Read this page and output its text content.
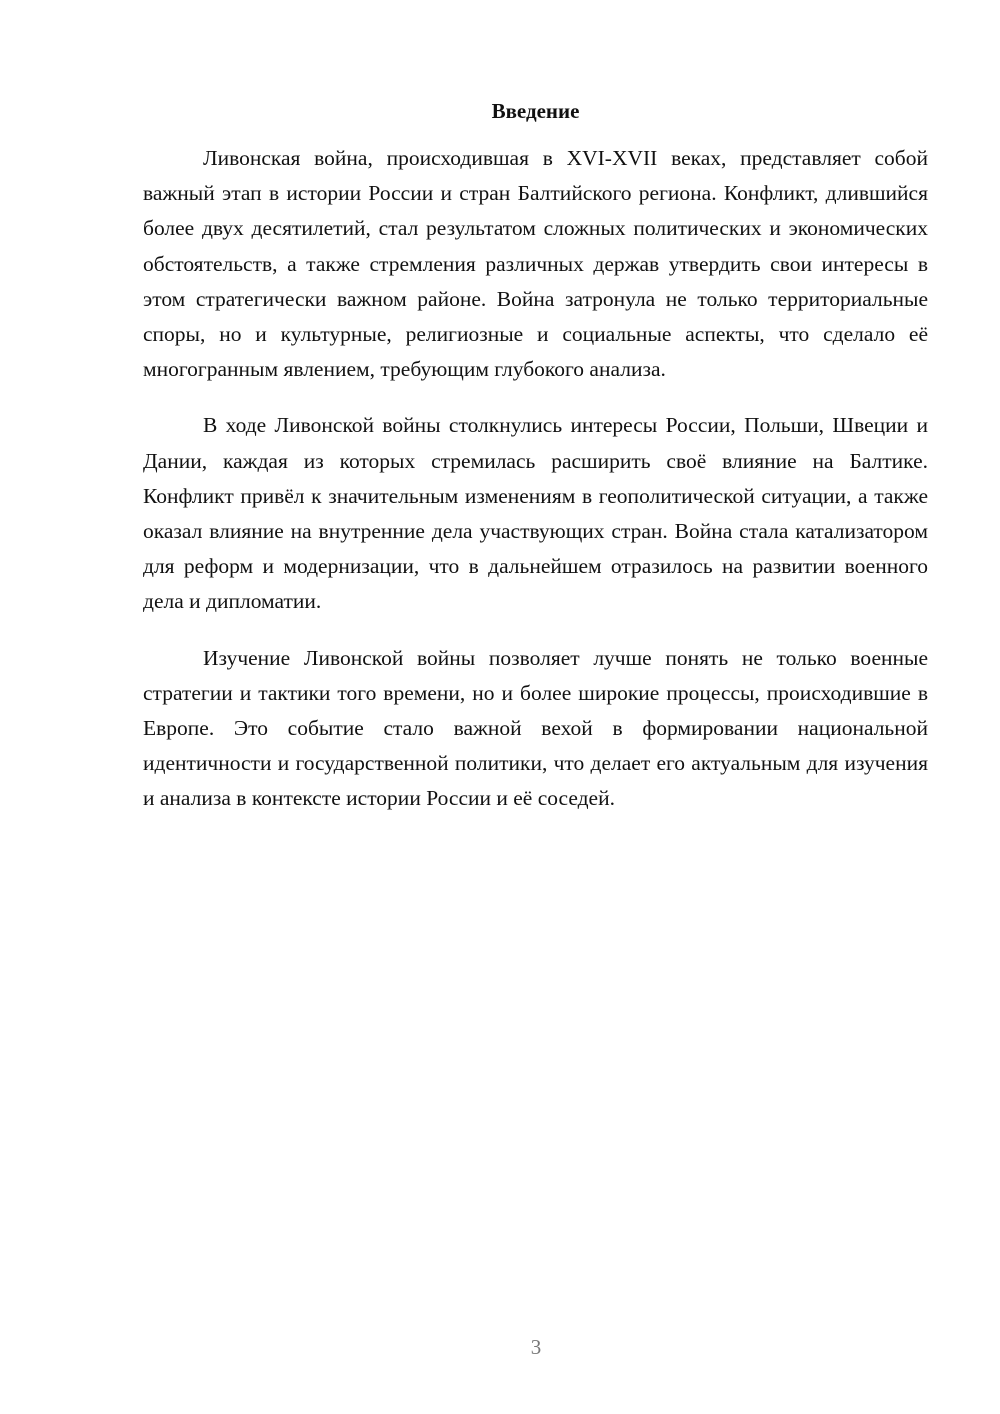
Введение

Ливонская война, происходившая в XVI-XVII веках, представляет собой важный этап в истории России и стран Балтийского региона. Конфликт, длившийся более двух десятилетий, стал результатом сложных политических и экономических обстоятельств, а также стремления различных держав утвердить свои интересы в этом стратегически важном районе. Война затронула не только территориальные споры, но и культурные, религиозные и социальные аспекты, что сделало её многогранным явлением, требующим глубокого анализа.

В ходе Ливонской войны столкнулись интересы России, Польши, Швеции и Дании, каждая из которых стремилась расширить своё влияние на Балтике. Конфликт привёл к значительным изменениям в геополитической ситуации, а также оказал влияние на внутренние дела участвующих стран. Война стала катализатором для реформ и модернизации, что в дальнейшем отразилось на развитии военного дела и дипломатии.

Изучение Ливонской войны позволяет лучше понять не только военные стратегии и тактики того времени, но и более широкие процессы, происходившие в Европе. Это событие стало важной вехой в формировании национальной идентичности и государственной политики, что делает его актуальным для изучения и анализа в контексте истории России и её соседей.

3
